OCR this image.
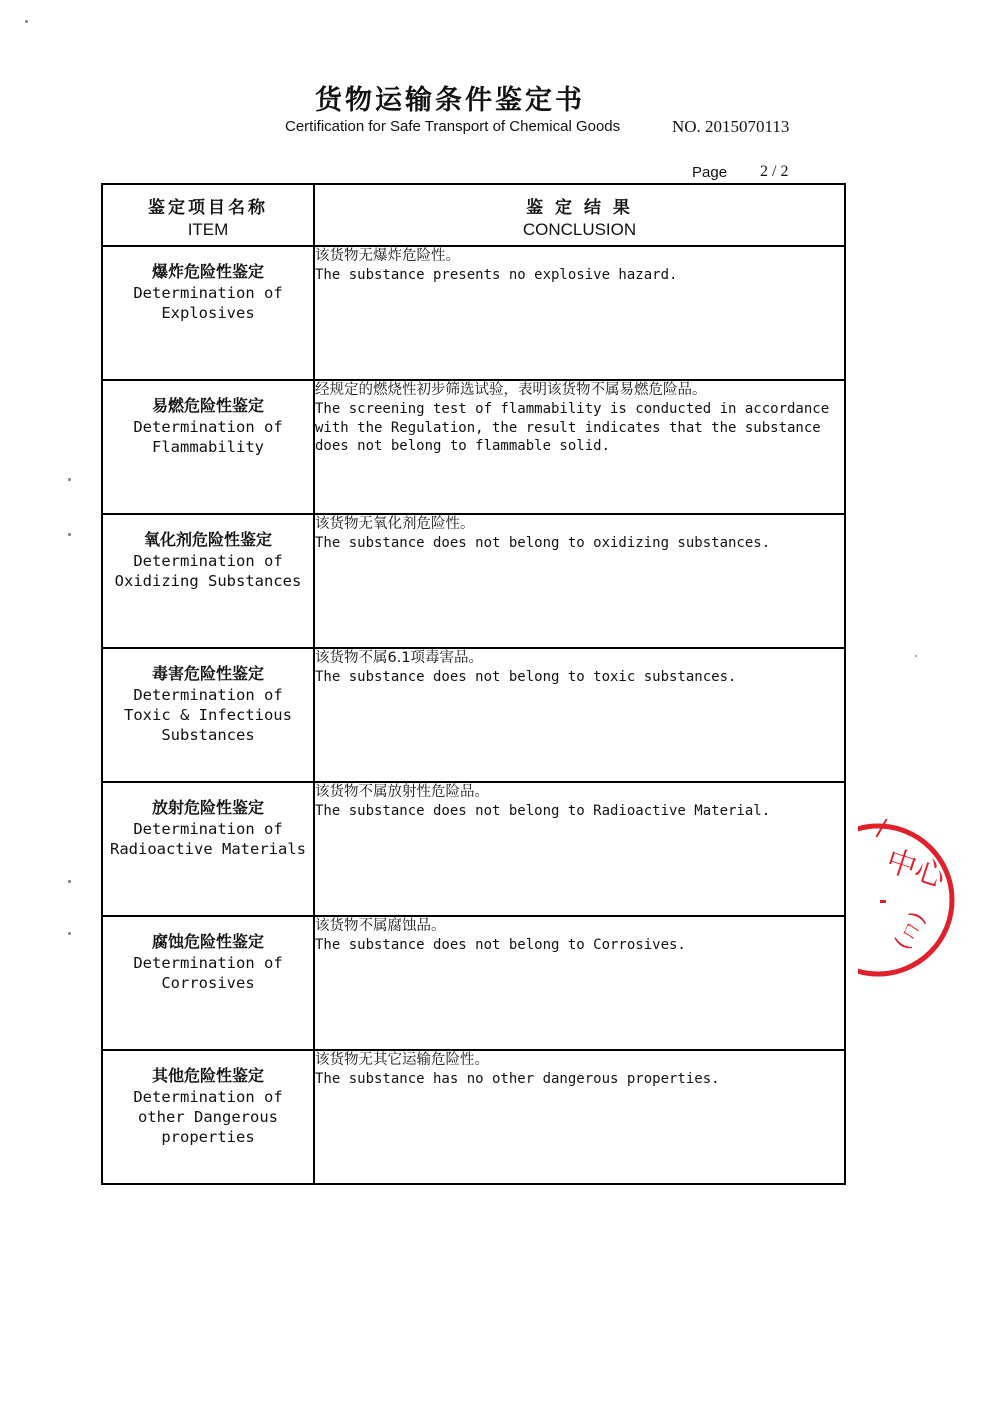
货物运输条件鉴定书
Certification for Safe Transport of Chemical Goods	NO. 2015070113
Page 2 / 2
鉴定项目名称
ITEM	鉴 定 结 果
CONCLUSION

爆炸危险性鉴定
Determination of Explosives	该货物无爆炸危险性。
The substance presents no explosive hazard.

易燃危险性鉴定
Determination of Flammability	经规定的燃烧性初步筛选试验，表明该货物不属易燃危险品。
The screening test of flammability is conducted in accordance with the Regulation, the result indicates that the substance does not belong to flammable solid.

氧化剂危险性鉴定
Determination of Oxidizing Substances	该货物无氧化剂危险性。
The substance does not belong to oxidizing substances.

毒害危险性鉴定
Determination of Toxic & Infectious Substances	该货物不属6.1项毒害品。
The substance does not belong to toxic substances.

放射危险性鉴定
Determination of Radioactive Materials	该货物不属放射性危险品。
The substance does not belong to Radioactive Material.

腐蚀危险性鉴定
Determination of Corrosives	该货物不属腐蚀品。
The substance does not belong to Corrosives.

其他危险性鉴定
Determination of other Dangerous properties	该货物无其它运输危险性。
The substance has no other dangerous properties.
中心
/
(ㄇ)
